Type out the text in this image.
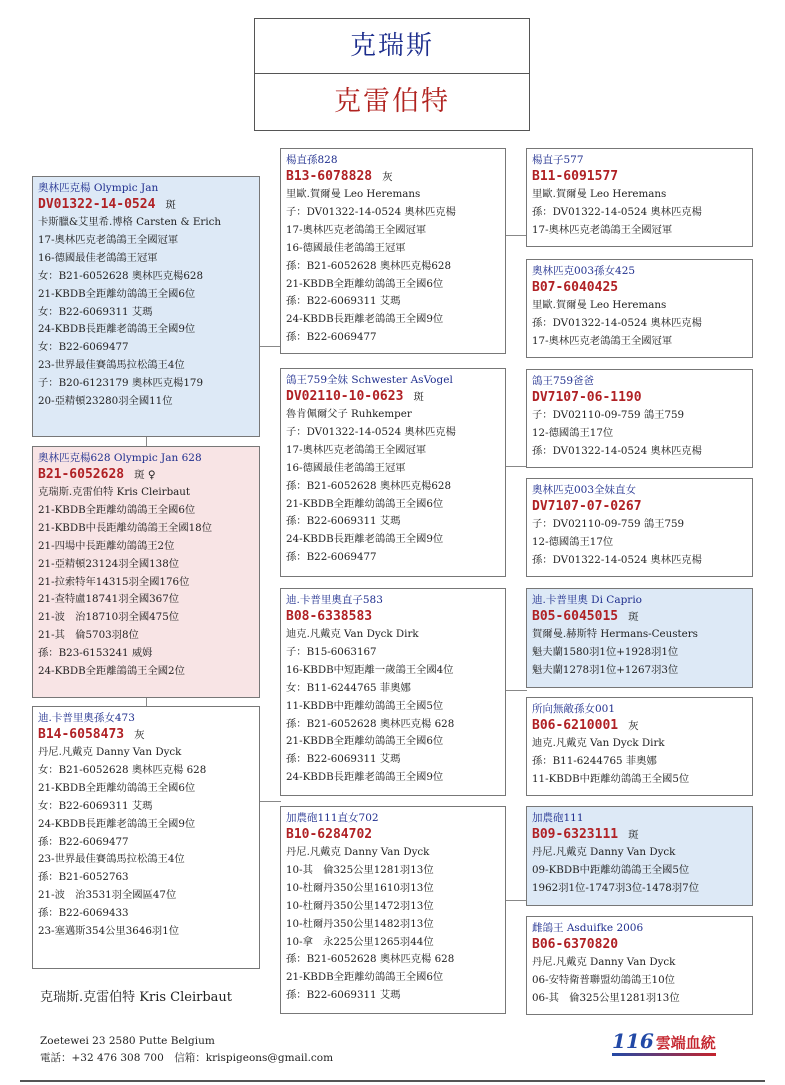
克瑞斯
克雷伯特
奧林匹克楊 Olympic Jan
DV01322-14-0524 斑
卡斯臘&艾里希.博格 Carsten & Erich
17-奧林匹克老鴿鴿王全國冠軍
16-德國最佳老鴿鴿王冠軍
女：B21-6052628 奧林匹克楊628
21-KBDB全距離幼鴿鴿王全國6位
女：B22-6069311 艾瑪
24-KBDB長距離老鴿鴿王全國9位
女：B22-6069477
23-世界最佳賽鴿馬拉松鴿王4位
子：B20-6123179 奧林匹克楊179
20-亞精頓23280羽全國11位
奧林匹克楊628 Olympic Jan 628
B21-6052628 斑 ♀
克瑞斯.克雷伯特 Kris Cleirbaut
21-KBDB全距離幼鴿鴿王全國6位
21-KBDB中長距離幼鴿鴿王全國18位
21-四場中長距離幼鴿鴿王2位
21-亞精頓23124羽全國138位
21-拉索特年14315羽全國176位
21-查特盧18741羽全國367位
21-波　治18710羽全國475位
21-其　倫5703羽8位
孫：B23-6153241 威姆
24-KBDB全距離鴿鴿王全國2位
迪.卡普里奧孫女473
B14-6058473 灰
丹尼.凡戴克 Danny Van Dyck
女：B21-6052628 奧林匹克楊 628
21-KBDB全距離幼鴿鴿王全國6位
女：B22-6069311 艾瑪
24-KBDB長距離老鴿鴿王全國9位
孫：B22-6069477
23-世界最佳賽鴿馬拉松鴿王4位
孫：B21-6052763
21-波　治3531羽全國區47位
孫：B22-6069433
23-塞邁斯354公里3646羽1位
楊直孫828
B13-6078828 灰
里歐.賀爾曼 Leo Heremans
子：DV01322-14-0524 奧林匹克楊
17-奧林匹克老鴿鴿王全國冠軍
16-德國最佳老鴿鴿王冠軍
孫：B21-6052628 奧林匹克楊628
21-KBDB全距離幼鴿鴿王全國6位
孫：B22-6069311 艾瑪
24-KBDB長距離老鴿鴿王全國9位
孫：B22-6069477
鴿王759全妹 Schwester AsVogel
DV02110-10-0623 斑
魯肯佩爾父子 Ruhkemper
子：DV01322-14-0524 奧林匹克楊
17-奧林匹克老鴿鴿王全國冠軍
16-德國最佳老鴿鴿王冠軍
孫：B21-6052628 奧林匹克楊628
21-KBDB全距離幼鴿鴿王全國6位
孫：B22-6069311 艾瑪
24-KBDB長距離老鴿鴿王全國9位
孫：B22-6069477
迪.卡普里奧直子583
B08-6338583
迪克.凡戴克 Van Dyck Dirk
子：B15-6063167
16-KBDB中短距離一歲鴿王全國4位
女：B11-6244765 菲奧娜
11-KBDB中距離幼鴿鴿王全國5位
孫：B21-6052628 奧林匹克楊 628
21-KBDB全距離幼鴿鴿王全國6位
孫：B22-6069311 艾瑪
24-KBDB長距離老鴿鴿王全國9位
加農砲111直女702
B10-6284702
丹尼.凡戴克 Danny Van Dyck
10-其　倫325公里1281羽13位
10-杜爾丹350公里1610羽13位
10-杜爾丹350公里1472羽13位
10-杜爾丹350公里1482羽13位
10-拿　永225公里1265羽44位
孫：B21-6052628 奧林匹克楊 628
21-KBDB全距離幼鴿鴿王全國6位
孫：B22-6069311 艾瑪
楊直子577
B11-6091577
里歐.賀爾曼 Leo Heremans
孫：DV01322-14-0524 奧林匹克楊
17-奧林匹克老鴿鴿王全國冠軍
奧林匹克003孫女425
B07-6040425
里歐.賀爾曼 Leo Heremans
孫：DV01322-14-0524 奧林匹克楊
17-奧林匹克老鴿鴿王全國冠軍
鴿王759爸爸
DV7107-06-1190
子：DV02110-09-759 鴿王759
12-德國鴿王17位
孫：DV01322-14-0524 奧林匹克楊
奧林匹克003全妹直女
DV7107-07-0267
子：DV02110-09-759 鴿王759
12-德國鴿王17位
孫：DV01322-14-0524 奧林匹克楊
迪.卡普里奧 Di Caprio
B05-6045015 斑
賀爾曼.赫斯特 Hermans-Ceusters
魁夫蘭1580羽1位+1928羽1位
魁夫蘭1278羽1位+1267羽3位
所向無敵孫女001
B06-6210001 灰
迪克.凡戴克 Van Dyck Dirk
孫：B11-6244765 菲奧娜
11-KBDB中距離幼鴿鴿王全國5位
加農砲111
B09-6323111 斑
丹尼.凡戴克 Danny Van Dyck
09-KBDB中距離幼鴿鴿王全國5位
1962羽1位-1747羽3位-1478羽7位
雌鴿王 Asduifke 2006
B06-6370820
丹尼.凡戴克 Danny Van Dyck
06-安特衛普聯盟幼鴿鴿王10位
06-其　倫325公里1281羽13位
克瑞斯.克雷伯特 Kris Cleirbaut
Zoetewei 23 2580 Putte Belgium
電話：+32 476 308 700　信箱：krispigeons@gmail.com
116 雲端血統
